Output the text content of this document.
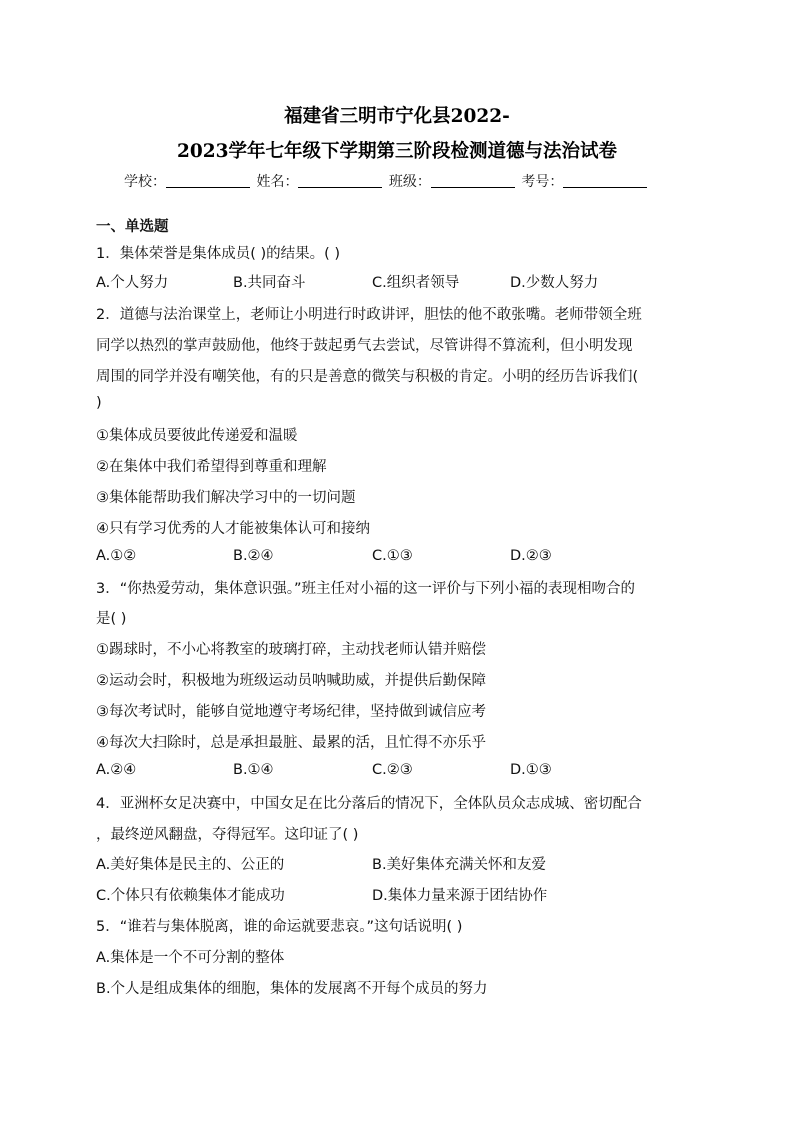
福建省三明市宁化县2022-
2023学年七年级下学期第三阶段检测道德与法治试卷
学校：	姓名：	班级：	考号：
一、单选题
1．集体荣誉是集体成员( )的结果。( )
A.个人努力	B.共同奋斗	C.组织者领导	D.少数人努力
2．道德与法治课堂上，老师让小明进行时政讲评，胆怯的他不敢张嘴。老师带领全班
同学以热烈的掌声鼓励他，他终于鼓起勇气去尝试，尽管讲得不算流利，但小明发现
周围的同学并没有嘲笑他，有的只是善意的微笑与积极的肯定。小明的经历告诉我们(
)
①集体成员要彼此传递爱和温暖
②在集体中我们希望得到尊重和理解
③集体能帮助我们解决学习中的一切问题
④只有学习优秀的人才能被集体认可和接纳
A.①②	B.②④	C.①③	D.②③
3．“你热爱劳动，集体意识强。”班主任对小福的这一评价与下列小福的表现相吻合的
是( )
①踢球时，不小心将教室的玻璃打碎，主动找老师认错并赔偿
②运动会时，积极地为班级运动员呐喊助威，并提供后勤保障
③每次考试时，能够自觉地遵守考场纪律，坚持做到诚信应考
④每次大扫除时，总是承担最脏、最累的活，且忙得不亦乐乎
A.②④	B.①④	C.②③	D.①③
4．亚洲杯女足决赛中，中国女足在比分落后的情况下，全体队员众志成城、密切配合
，最终逆风翻盘，夺得冠军。这印证了( )
A.美好集体是民主的、公正的	B.美好集体充满关怀和友爱
C.个体只有依赖集体才能成功	D.集体力量来源于团结协作
5．“谁若与集体脱离，谁的命运就要悲哀。”这句话说明( )
A.集体是一个不可分割的整体
B.个人是组成集体的细胞，集体的发展离不开每个成员的努力
